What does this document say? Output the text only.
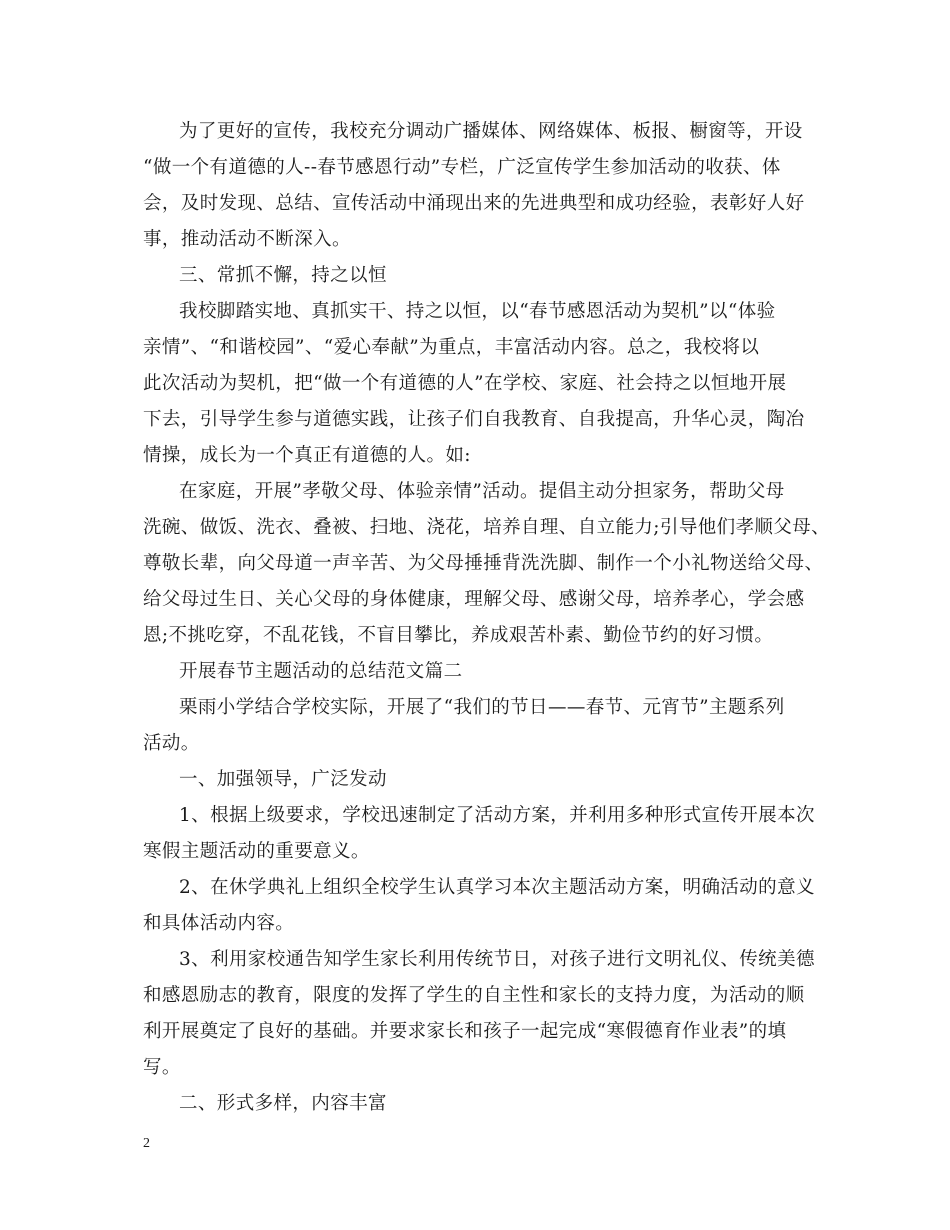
为了更好的宣传，我校充分调动广播媒体、网络媒体、板报、橱窗等，开设
“做一个有道德的人--春节感恩行动”专栏，广泛宣传学生参加活动的收获、体
会，及时发现、总结、宣传活动中涌现出来的先进典型和成功经验，表彰好人好
事，推动活动不断深入。
三、常抓不懈，持之以恒
我校脚踏实地、真抓实干、持之以恒，以“春节感恩活动为契机”以“体验
亲情”、“和谐校园”、“爱心奉献”为重点，丰富活动内容。总之，我校将以
此次活动为契机，把“做一个有道德的人”在学校、家庭、社会持之以恒地开展
下去，引导学生参与道德实践，让孩子们自我教育、自我提高，升华心灵，陶冶
情操，成长为一个真正有道德的人。如:
在家庭，开展”孝敬父母、体验亲情”活动。提倡主动分担家务，帮助父母
洗碗、做饭、洗衣、叠被、扫地、浇花，培养自理、自立能力;引导他们孝顺父母、
尊敬长辈，向父母道一声辛苦、为父母捶捶背洗洗脚、制作一个小礼物送给父母、
给父母过生日、关心父母的身体健康，理解父母、感谢父母，培养孝心，学会感
恩;不挑吃穿，不乱花钱，不盲目攀比，养成艰苦朴素、勤俭节约的好习惯。
开展春节主题活动的总结范文篇二
栗雨小学结合学校实际，开展了“我们的节日——春节、元宵节”主题系列
活动。
一、加强领导，广泛发动
1、根据上级要求，学校迅速制定了活动方案，并利用多种形式宣传开展本次
寒假主题活动的重要意义。
2、在休学典礼上组织全校学生认真学习本次主题活动方案，明确活动的意义
和具体活动内容。
3、利用家校通告知学生家长利用传统节日，对孩子进行文明礼仪、传统美德
和感恩励志的教育，限度的发挥了学生的自主性和家长的支持力度，为活动的顺
利开展奠定了良好的基础。并要求家长和孩子一起完成“寒假德育作业表”的填
写。
二、形式多样，内容丰富
2
